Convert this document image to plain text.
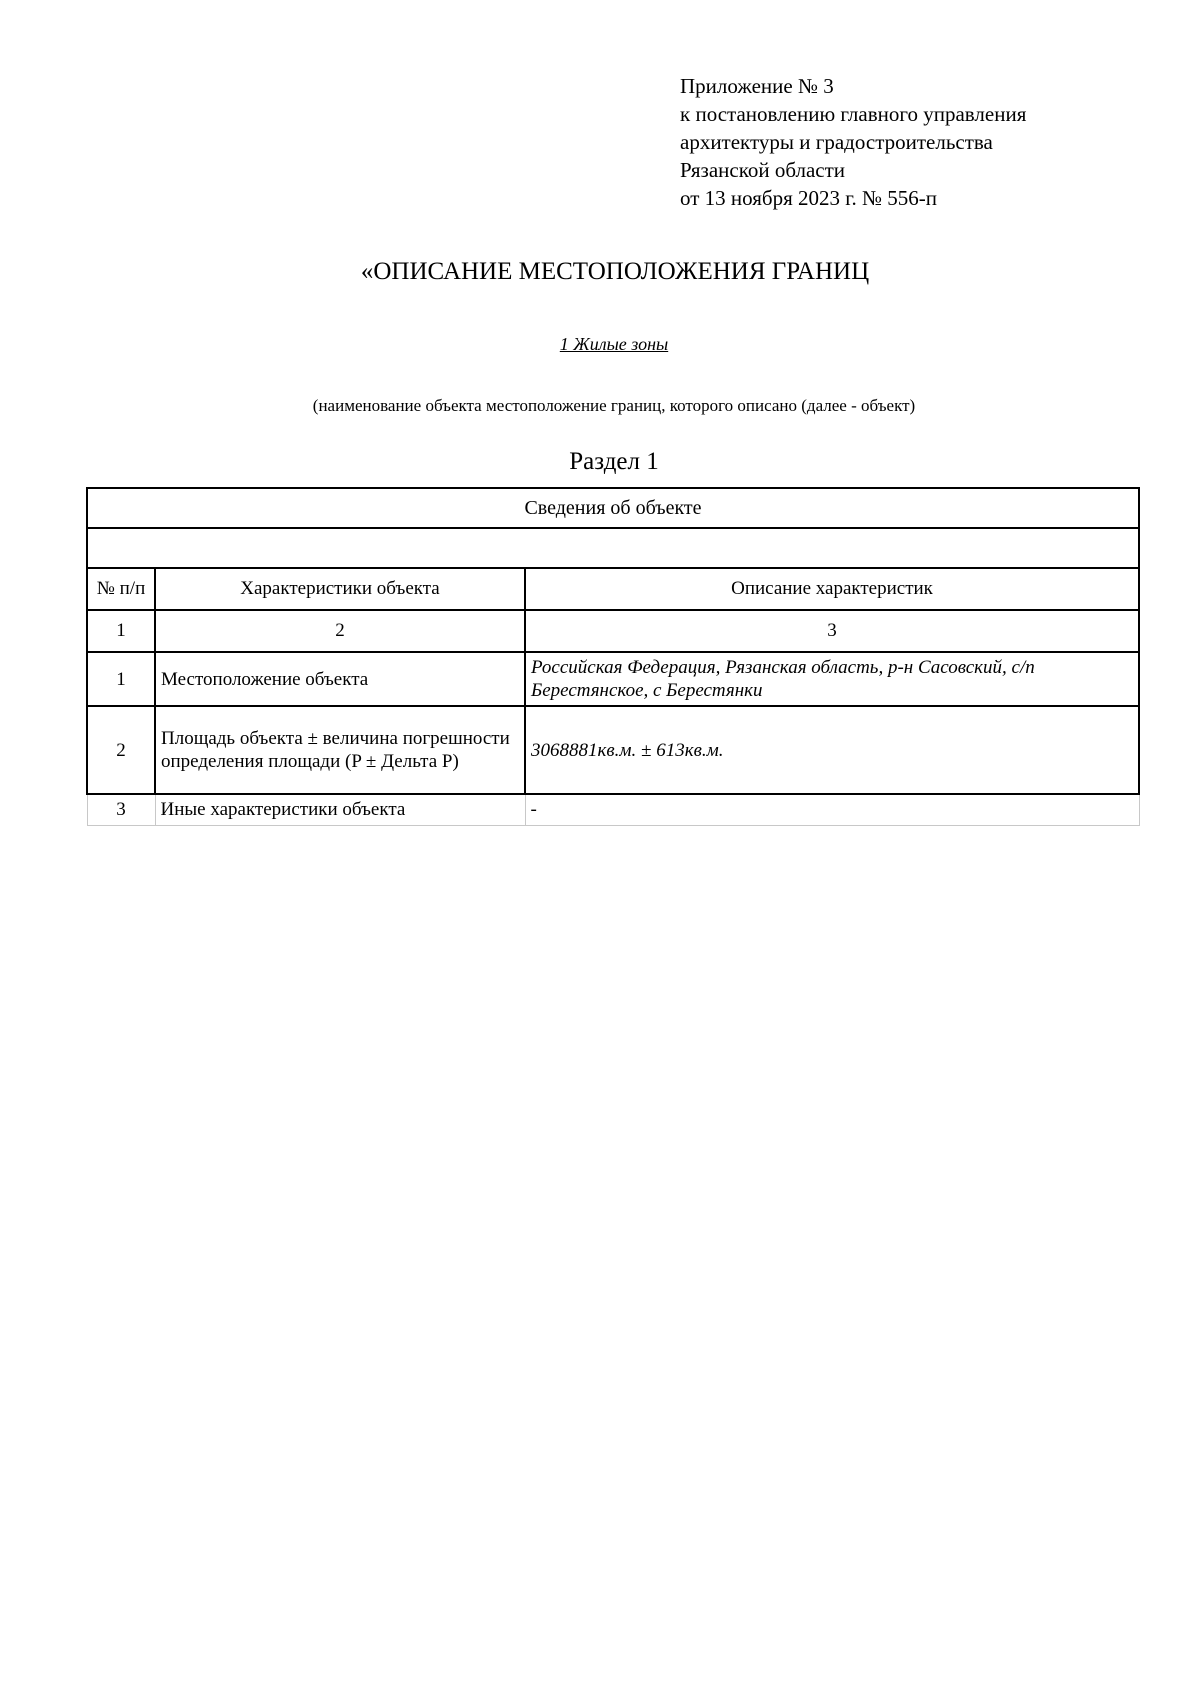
Приложение № 3
к постановлению главного управления
архитектуры и градостроительства
Рязанской области
от 13 ноября 2023 г. № 556-п
«ОПИСАНИЕ МЕСТОПОЛОЖЕНИЯ ГРАНИЦ
1 Жилые зоны
(наименование объекта местоположение границ, которого описано (далее - объект)
Раздел 1
Сведения об объекте		

№ п/п	Характеристики объекта	Описание характеристик
1	2	3
1	Местоположение объекта	Российская Федерация, Рязанская область, р-н Сасовский, с/п Берестянское, с Берестянки
2	Площадь объекта ± величина погрешности определения площади (P ± Дельта P)	3068881кв.м. ± 613кв.м.
3	Иные характеристики объекта	-
